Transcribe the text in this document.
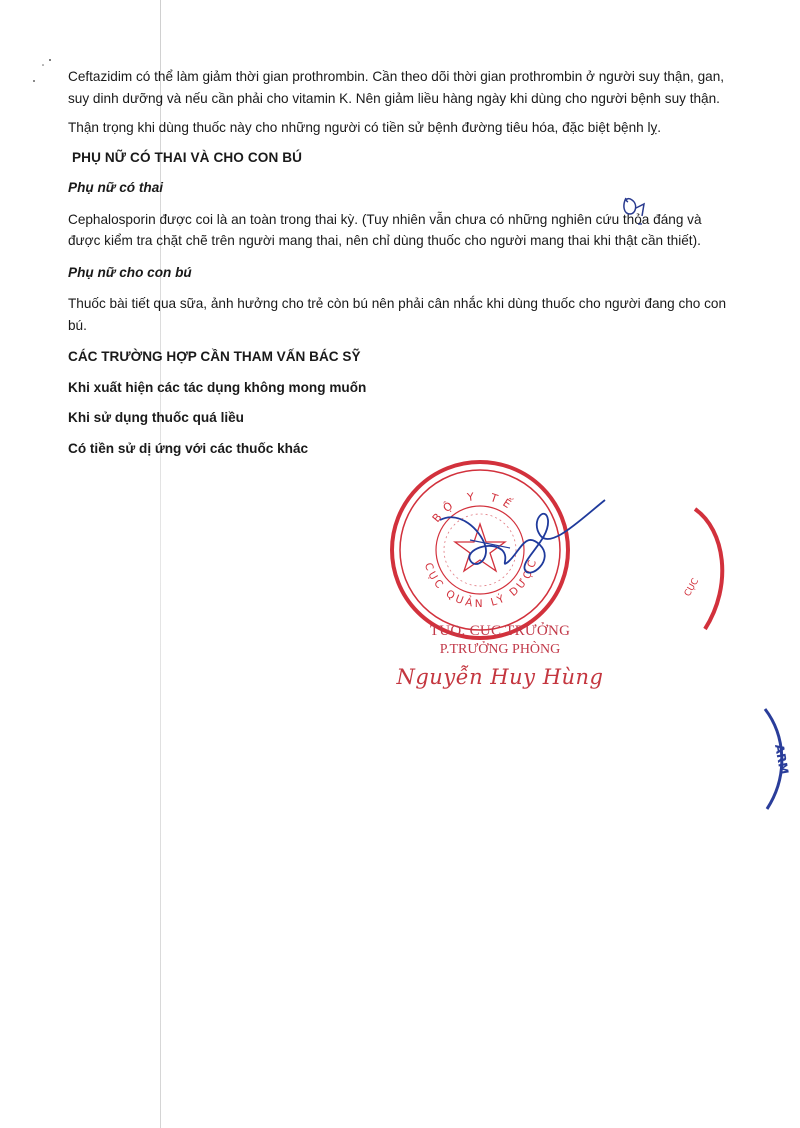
Ceftazidim có thể làm giảm thời gian prothrombin. Cần theo dõi thời gian prothrombin ở người suy thận, gan, suy dinh dưỡng và nếu cần phải cho vitamin K. Nên giảm liều hàng ngày khi dùng cho người bệnh suy thận.

Thận trọng khi dùng thuốc này cho những người có tiền sử bệnh đường tiêu hóa, đặc biệt bệnh lỵ.

PHỤ NỮ CÓ THAI VÀ CHO CON BÚ
Phụ nữ có thai

Cephalosporin được coi là an toàn trong thai kỳ. (Tuy nhiên vẫn chưa có những nghiên cứu thỏa đáng và được kiểm tra chặt chẽ trên người mang thai, nên chỉ dùng thuốc cho người mang thai khi thật cần thiết).

Phụ nữ cho con bú

Thuốc bài tiết qua sữa, ảnh hưởng cho trẻ còn bú nên phải cân nhắc khi dùng thuốc cho người đang cho con bú.

CÁC TRƯỜNG HỢP CẦN THAM VẤN BÁC SỸ
Khi xuất hiện các tác dụng không mong muốn
Khi sử dụng thuốc quá liều
Có tiền sử dị ứng với các thuốc khác
BỘ Y TẾ
CỤC QUẢN LÝ DƯỢC
CỤC
ARM
TUQ. CỤC TRƯỞNG
P.TRƯỞNG PHÒNG
Nguyễn Huy Hùng
